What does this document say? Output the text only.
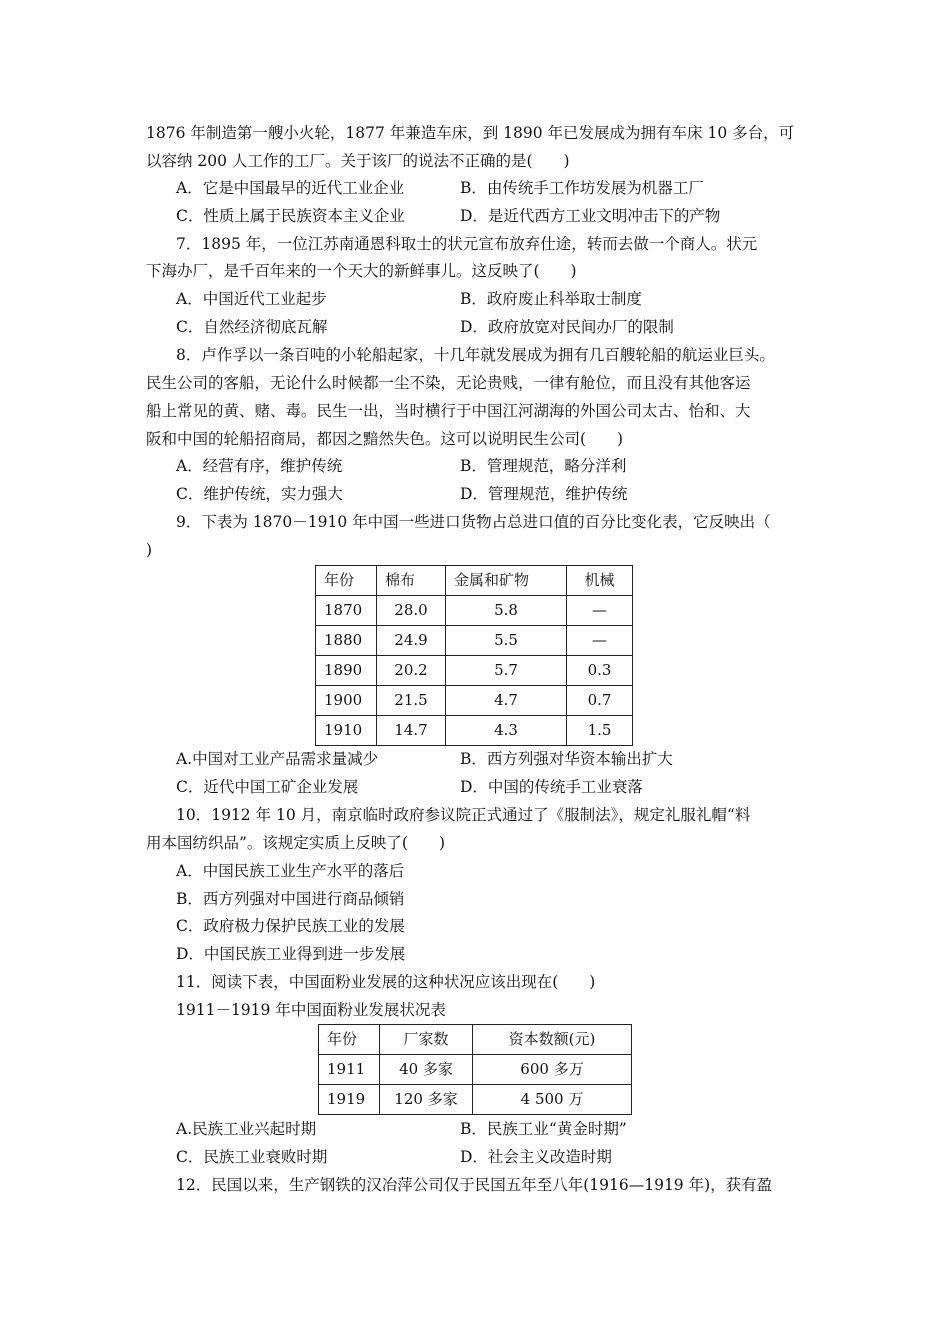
1876 年制造第一艘小火轮，1877 年兼造车床，到 1890 年已发展成为拥有车床 10 多台，可
以容纳 200 人工作的工厂。关于该厂的说法不正确的是(　　)
A．它是中国最早的近代工业企业	B．由传统手工作坊发展为机器工厂
C．性质上属于民族资本主义企业	D．是近代西方工业文明冲击下的产物
7．1895 年，一位江苏南通恩科取士的状元宣布放弃仕途，转而去做一个商人。状元
下海办厂，是千百年来的一个天大的新鲜事儿。这反映了(　　)
A．中国近代工业起步	B．政府废止科举取士制度
C．自然经济彻底瓦解	D．政府放宽对民间办厂的限制
8．卢作孚以一条百吨的小轮船起家，十几年就发展成为拥有几百艘轮船的航运业巨头。
民生公司的客船，无论什么时候都一尘不染，无论贵贱，一律有舱位，而且没有其他客运
船上常见的黄、赌、毒。民生一出，当时横行于中国江河湖海的外国公司太古、怡和、大
阪和中国的轮船招商局，都因之黯然失色。这可以说明民生公司(　　)
A．经营有序，维护传统	B．管理规范，略分洋利
C．维护传统，实力强大	D．管理规范，维护传统
9．下表为 1870－1910 年中国一些进口货物占总进口值的百分比变化表，它反映出（
)
年份	棉布	金属和矿物	机械
1870	28.0	5.8	—
1880	24.9	5.5	—
1890	20.2	5.7	0.3
1900	21.5	4.7	0.7
1910	14.7	4.3	1.5
A.中国对工业产品需求量减少	B．西方列强对华资本输出扩大
C．近代中国工矿企业发展	D．中国的传统手工业衰落
10．1912 年 10 月，南京临时政府参议院正式通过了《服制法》，规定礼服礼帽“料
用本国纺织品”。该规定实质上反映了(　　)
A．中国民族工业生产水平的落后
B．西方列强对中国进行商品倾销
C．政府极力保护民族工业的发展
D．中国民族工业得到进一步发展
11．阅读下表，中国面粉业发展的这种状况应该出现在(　　)
1911－1919 年中国面粉业发展状况表
年份	厂家数	资本数额(元)
1911	40 多家	600 多万
1919	120 多家	4 500 万
A.民族工业兴起时期	B．民族工业“黄金时期”
C．民族工业衰败时期	D．社会主义改造时期
12．民国以来，生产钢铁的汉冶萍公司仅于民国五年至八年(1916—1919 年)，获有盈
